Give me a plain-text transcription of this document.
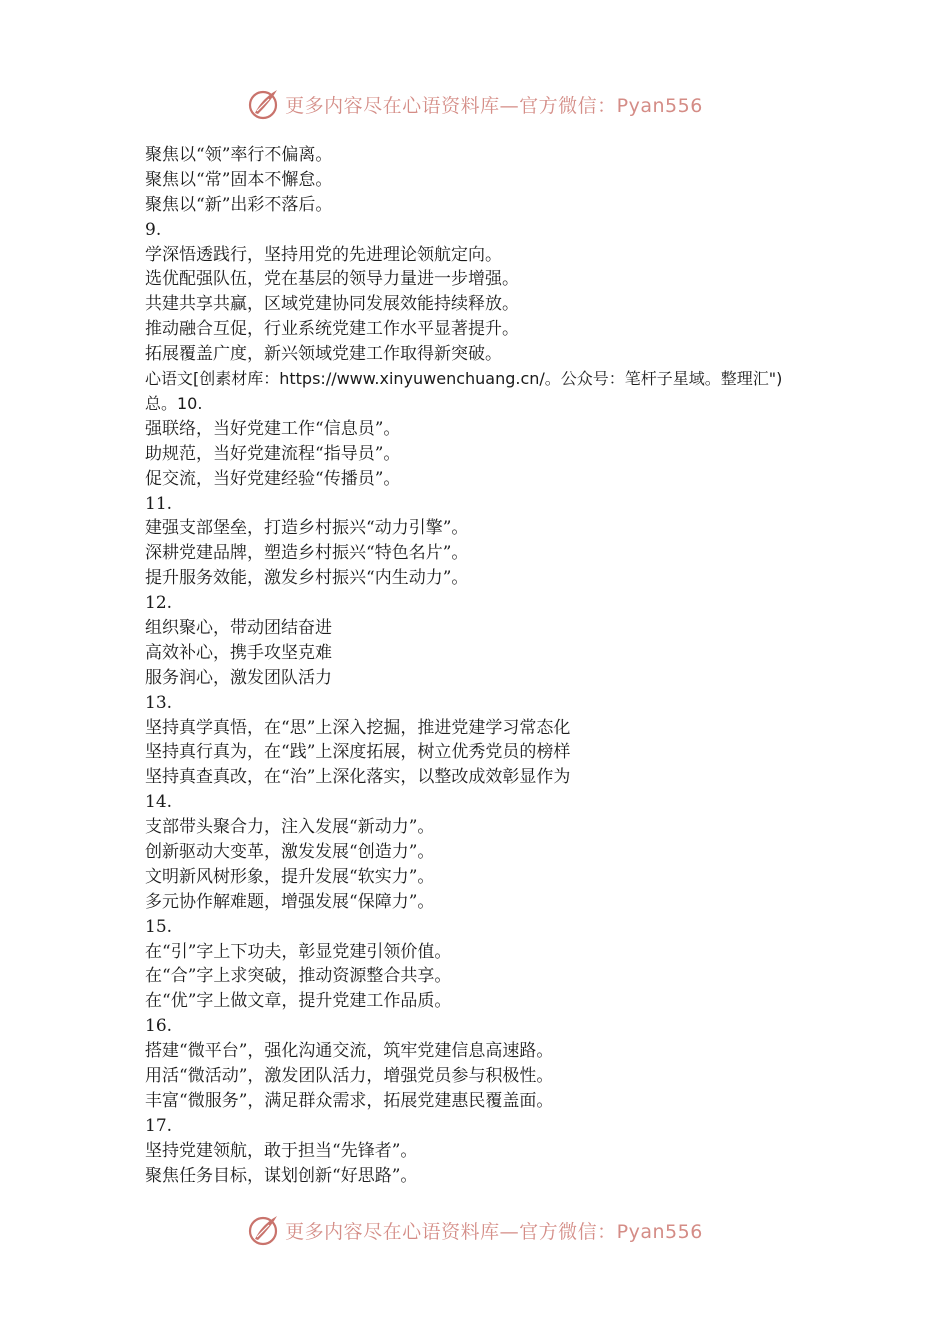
更多内容尽在心语资料库—官方微信：Pyan556
聚焦以“领”率行不偏离。
聚焦以“常”固本不懈怠。
聚焦以“新”出彩不落后。
9.
学深悟透践行，坚持用党的先进理论领航定向。
选优配强队伍，党在基层的领导力量进一步增强。
共建共享共赢，区域党建协同发展效能持续释放。
推动融合互促，行业系统党建工作水平显著提升。
拓展覆盖广度，新兴领域党建工作取得新突破。
心语文[创素材库：https://www.xinyuwenchuang.cn/。公众号：笔杆子星域。整理汇") 总。10.
强联络，当好党建工作“信息员”。
助规范，当好党建流程“指导员”。
促交流，当好党建经验“传播员”。
11.
建强支部堡垒，打造乡村振兴“动力引擎”。
深耕党建品牌，塑造乡村振兴“特色名片”。
提升服务效能，激发乡村振兴“内生动力”。
12.
组织聚心，带动团结奋进
高效补心，携手攻坚克难
服务润心，激发团队活力
13.
坚持真学真悟，在“思”上深入挖掘，推进党建学习常态化
坚持真行真为，在“践”上深度拓展，树立优秀党员的榜样
坚持真查真改，在“治”上深化落实，以整改成效彰显作为
14.
支部带头聚合力，注入发展“新动力”。
创新驱动大变革，激发发展“创造力”。
文明新风树形象，提升发展“软实力”。
多元协作解难题，增强发展“保障力”。
15.
在“引”字上下功夫，彰显党建引领价值。
在“合”字上求突破，推动资源整合共享。
在“优”字上做文章，提升党建工作品质。
16.
搭建“微平台”，强化沟通交流，筑牢党建信息高速路。
用活“微活动”，激发团队活力，增强党员参与积极性。
丰富“微服务”，满足群众需求，拓展党建惠民覆盖面。
17.
坚持党建领航，敢于担当“先锋者”。
聚焦任务目标，谋划创新“好思路”。
更多内容尽在心语资料库—官方微信：Pyan556
